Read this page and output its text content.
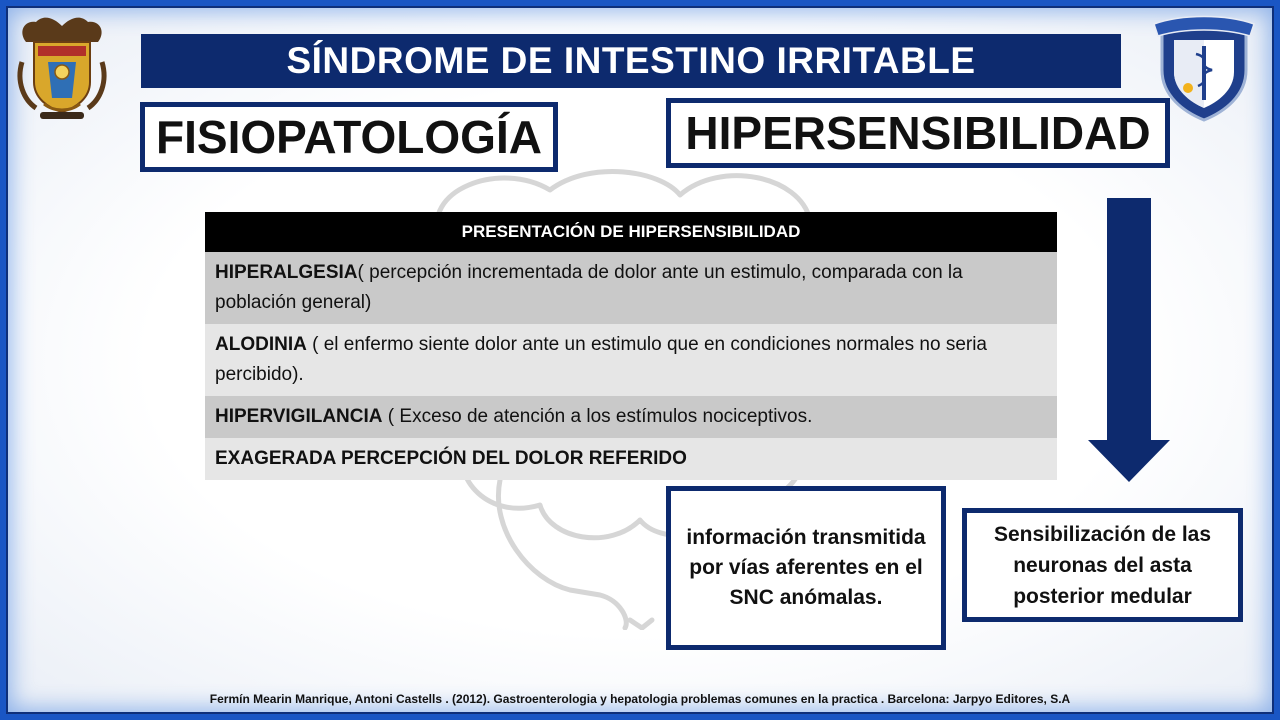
SÍNDROME DE INTESTINO IRRITABLE
FISIOPATOLOGÍA	HIPERSENSIBILIDAD
PRESENTACIÓN DE HIPERSENSIBILIDAD
HIPERALGESIA( percepción incrementada de dolor ante un estimulo, comparada con la población general)
ALODINIA ( el enfermo siente dolor ante un estimulo que en condiciones normales no seria percibido).
HIPERVIGILANCIA ( Exceso de atención a los estímulos nociceptivos.
EXAGERADA PERCEPCIÓN DEL DOLOR REFERIDO
información transmitida por vías aferentes en el SNC anómalas.
Sensibilización de las neuronas del asta posterior medular
Fermín Mearin Manrique, Antoni Castells . (2012). Gastroenterologia y hepatologia problemas comunes en la practica . Barcelona: Jarpyo Editores, S.A
